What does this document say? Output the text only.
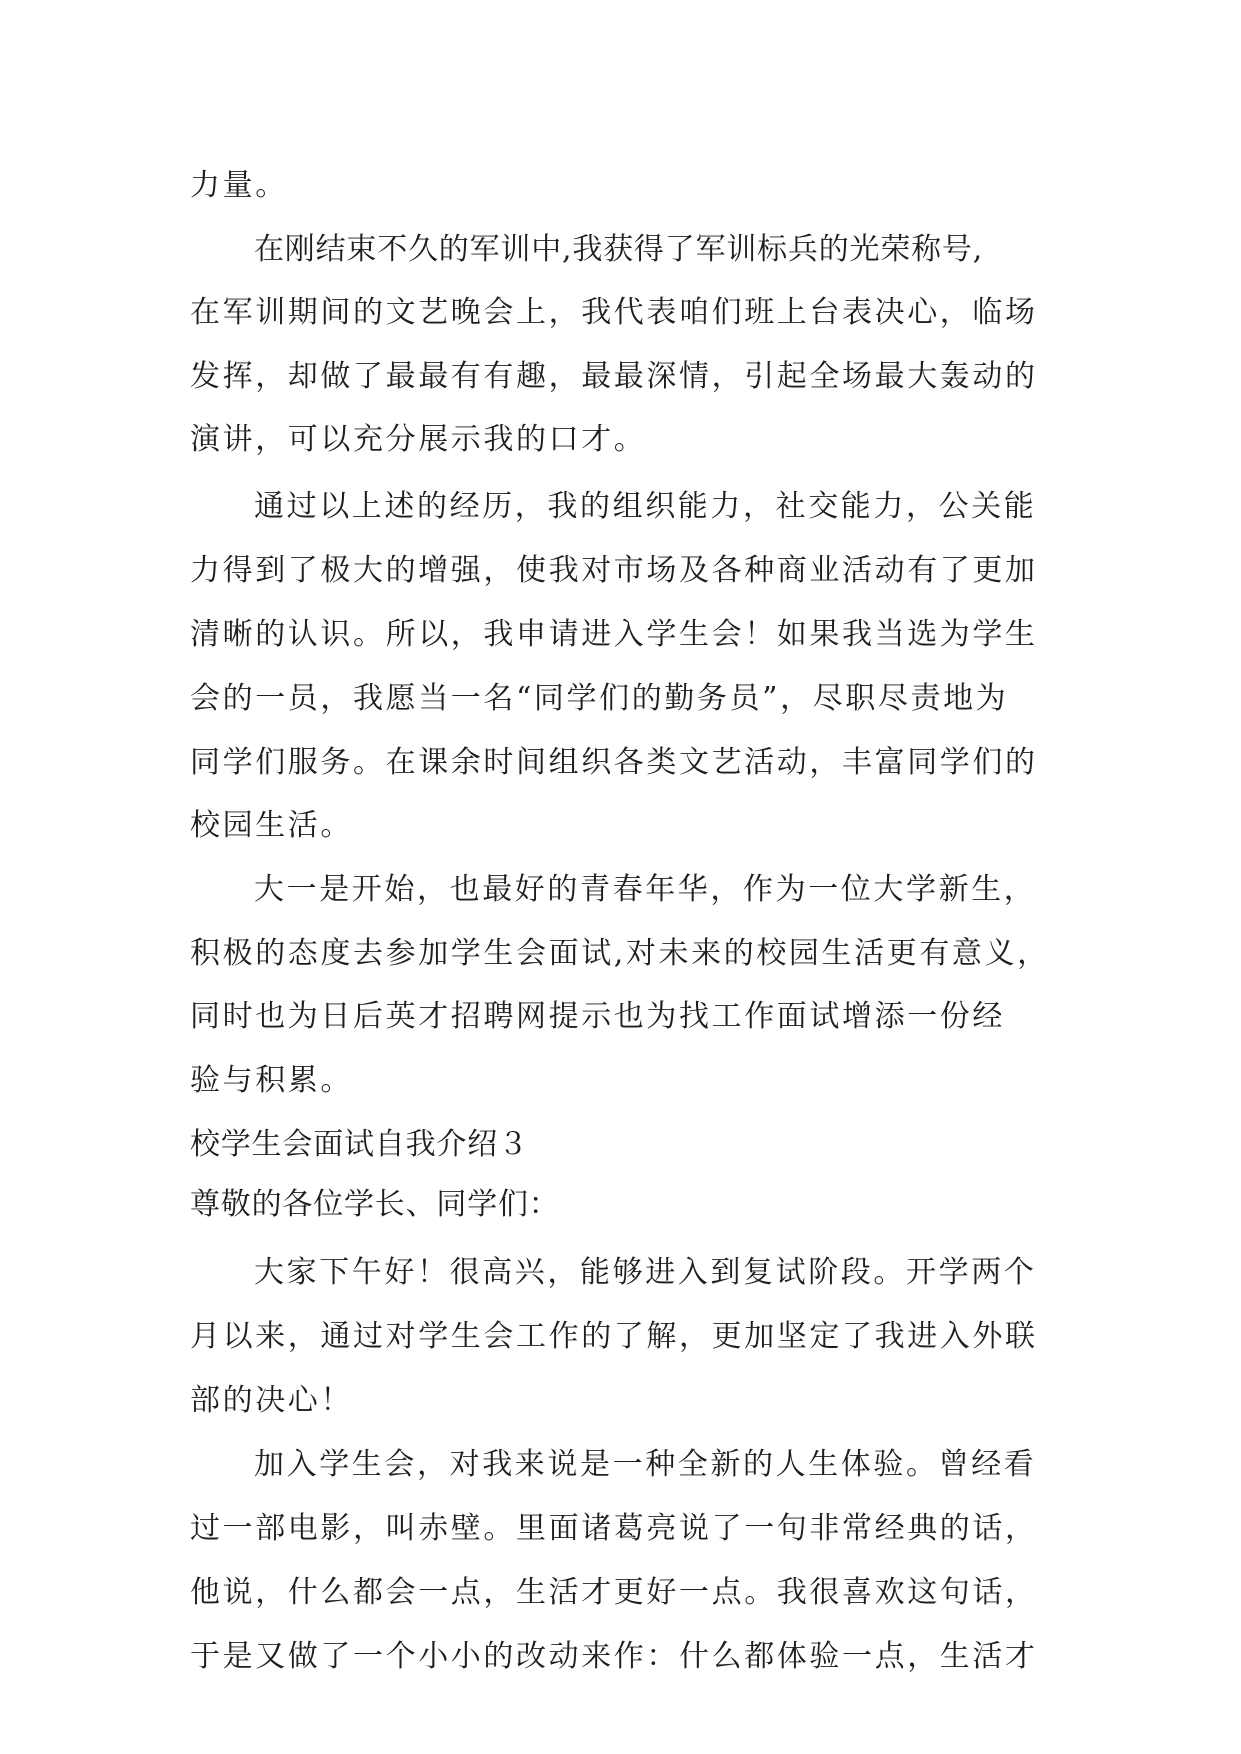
力量。

在刚结束不久的军训中,我获得了军训标兵的光荣称号,

在军训期间的文艺晚会上，我代表咱们班上台表决心，临场

发挥，却做了最最有有趣，最最深情，引起全场最大轰动的

演讲，可以充分展示我的口才。

通过以上述的经历，我的组织能力，社交能力，公关能

力得到了极大的增强，使我对市场及各种商业活动有了更加

清晰的认识。所以，我申请进入学生会！如果我当选为学生

会的一员，我愿当一名“同学们的勤务员”，尽职尽责地为

同学们服务。在课余时间组织各类文艺活动，丰富同学们的

校园生活。

大一是开始，也最好的青春年华，作为一位大学新生，

积极的态度去参加学生会面试,对未来的校园生活更有意义，

同时也为日后英才招聘网提示也为找工作面试增添一份经

验与积累。

校学生会面试自我介绍３

尊敬的各位学长、同学们：

大家下午好！很高兴，能够进入到复试阶段。开学两个

月以来，通过对学生会工作的了解，更加坚定了我进入外联

部的决心！

加入学生会，对我来说是一种全新的人生体验。曾经看

过一部电影，叫赤壁。里面诸葛亮说了一句非常经典的话，

他说，什么都会一点，生活才更好一点。我很喜欢这句话，

于是又做了一个小小的改动来作：什么都体验一点，生活才
